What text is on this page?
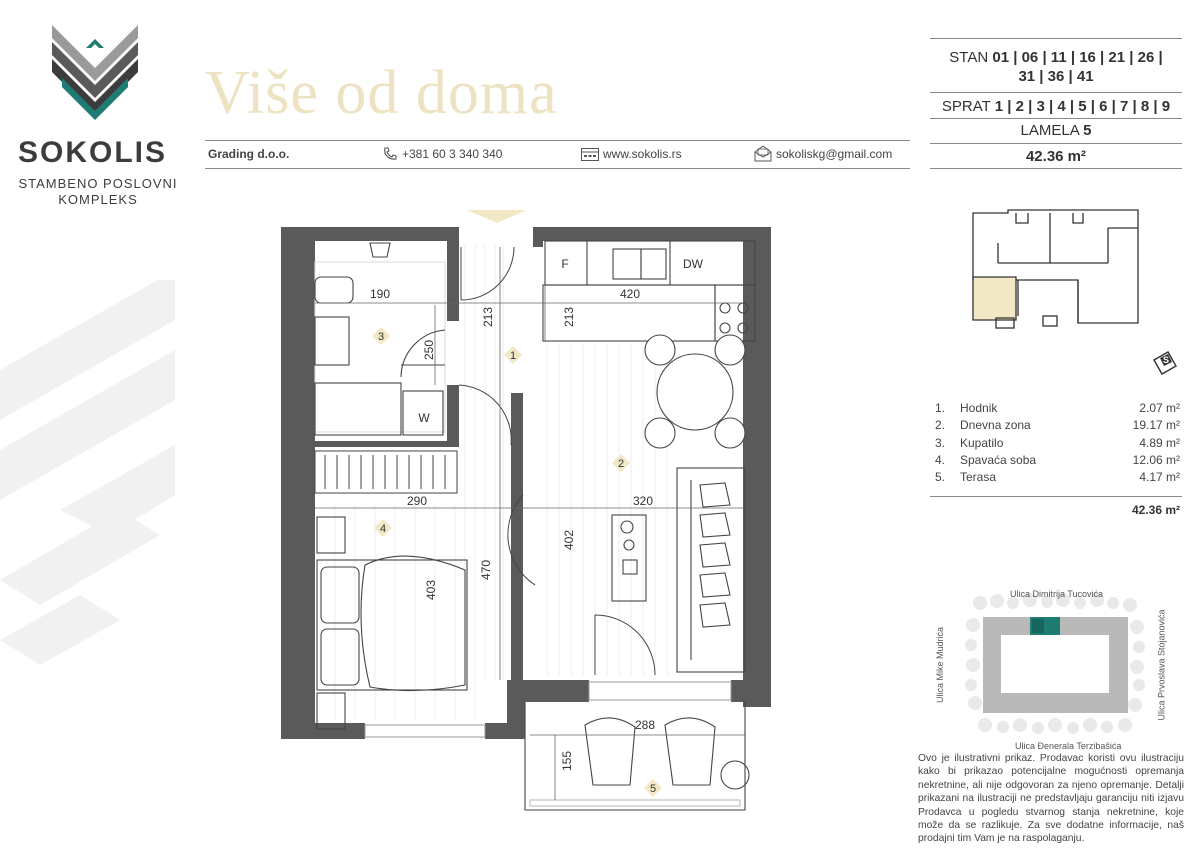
SOKOLIS
STAMBENO POSLOVNI
KOMPLEKS
Više od doma
Grading d.o.o.	+381 60 3 340 340	www.sokolis.rs	sokoliskg@gmail.com
STAN 01 | 06 | 11 | 16 | 21 | 26 |
31 | 36 | 41
SPRAT 1 | 2 | 3 | 4 | 5 | 6 | 7 | 8 | 9
LAMELA 5
42.36 m²
S
1. Hodnik	2.07 m²
2. Dnevna zona	19.17 m²
3. Kupatilo	4.89 m²
4. Spavaća soba	12.06 m²
5. Terasa	4.17 m²
42.36 m²
Ulica Dimitrija Tucovića
Ulica Đenerala Terzibašića
Ulica Mike Mudrića	Ulica Prvoslava Stojanovića
Ovo je ilustrativni prikaz. Prodavac koristi ovu ilustraciju kako bi prikazao potencijalne mogućnosti opremanja nekretnine, ali nije odgovoran za njeno opremanje. Detalji prikazani na ilustraciji ne predstavljaju garanciju niti izjavu Prodavca u pogledu stvarnog stanja nekretnine, koje može da se razlikuje. Za sve dodatne informacije, naš prodajni tim Vam je na raspolaganju.
190	420
213	213
250
290	320
470
403
402
288
155
F	DW
W
1
2
3
4
5
